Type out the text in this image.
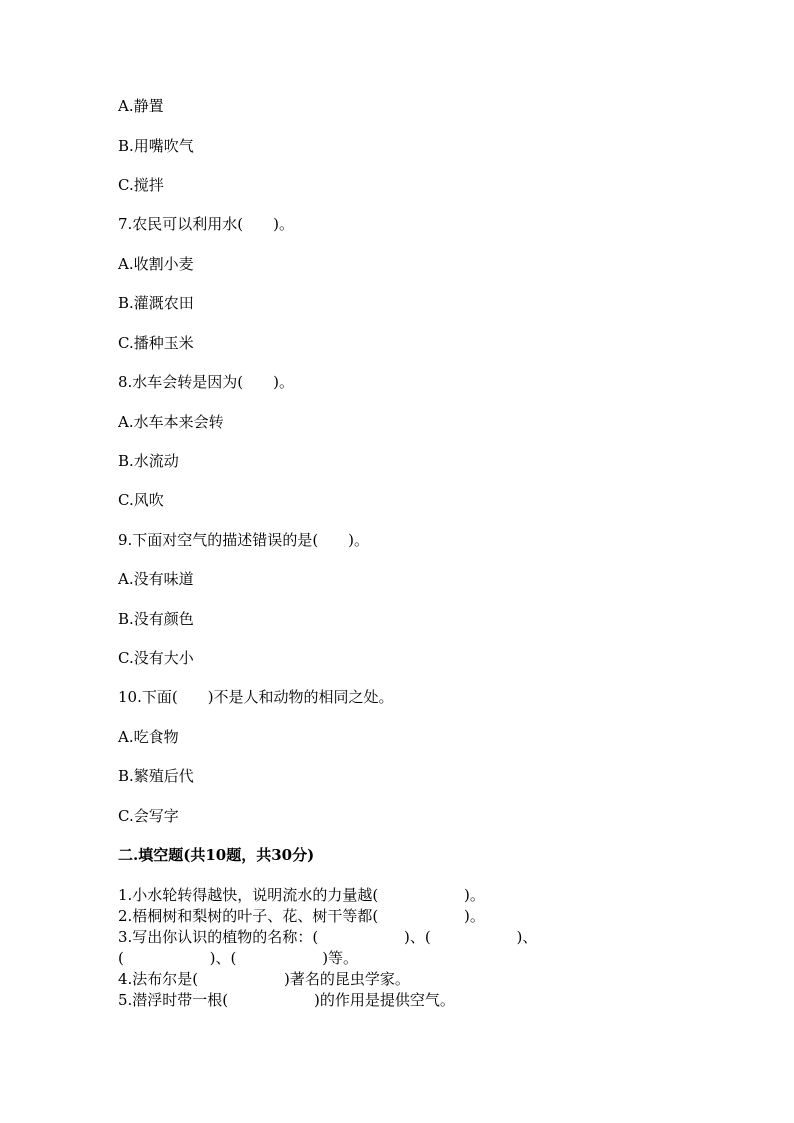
A.静置
B.用嘴吹气
C.搅拌
7.农民可以利用水(　　)。
A.收割小麦
B.灌溉农田
C.播种玉米
8.水车会转是因为(　　)。
A.水车本来会转
B.水流动
C.风吹
9.下面对空气的描述错误的是(　　)。
A.没有味道
B.没有颜色
C.没有大小
10.下面(　　)不是人和动物的相同之处。
A.吃食物
B.繁殖后代
C.会写字
二.填空题(共10题，共30分)
1.小水轮转得越快，说明流水的力量越(                  )。
2.梧桐树和梨树的叶子、花、树干等都(                  )。
3.写出你认识的植物的名称：(                  )、(                  )、
(                  )、(                  )等。
4.法布尔是(                  )著名的昆虫学家。
5.潜浮时带一根(                  )的作用是提供空气。
